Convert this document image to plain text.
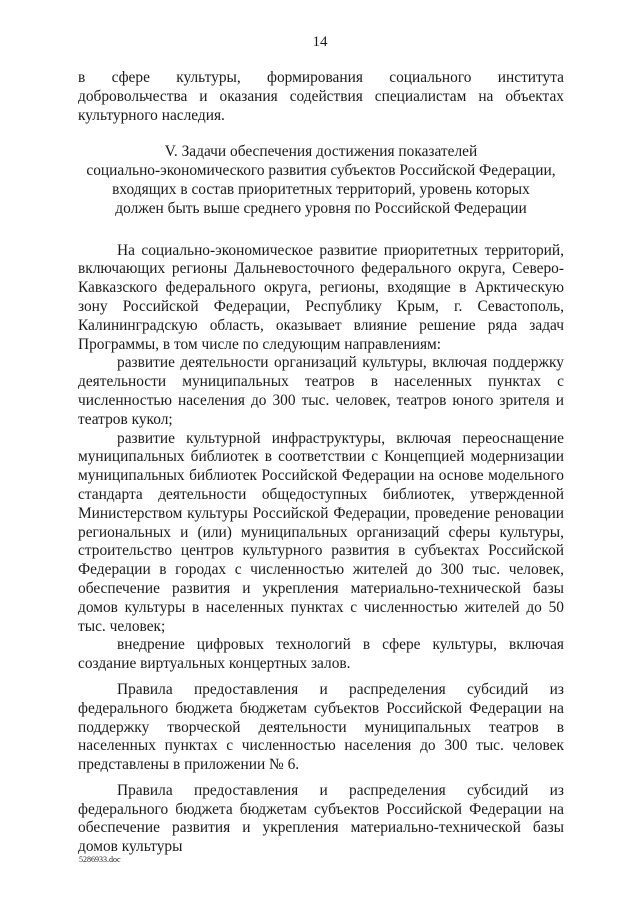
14

в сфере культуры, формирования социального института добровольчества и оказания содействия специалистам на объектах культурного наследия.

V. Задачи обеспечения достижения показателей
социально-экономического развития субъектов Российской Федерации,
входящих в состав приоритетных территорий, уровень которых
должен быть выше среднего уровня по Российской Федерации

На социально-экономическое развитие приоритетных территорий, включающих регионы Дальневосточного федерального округа, Северо-Кавказского федерального округа, регионы, входящие в Арктическую зону Российской Федерации, Республику Крым, г. Севастополь, Калининградскую область, оказывает влияние решение ряда задач Программы, в том числе по следующим направлениям:

развитие деятельности организаций культуры, включая поддержку деятельности муниципальных театров в населенных пунктах с численностью населения до 300 тыс. человек, театров юного зрителя и театров кукол;

развитие культурной инфраструктуры, включая переоснащение муниципальных библиотек в соответствии с Концепцией модернизации муниципальных библиотек Российской Федерации на основе модельного стандарта деятельности общедоступных библиотек, утвержденной Министерством культуры Российской Федерации, проведение реновации региональных и (или) муниципальных организаций сферы культуры, строительство центров культурного развития в субъектах Российской Федерации в городах с численностью жителей до 300 тыс. человек, обеспечение развития и укрепления материально-технической базы домов культуры в населенных пунктах с численностью жителей до 50 тыс. человек;

внедрение цифровых технологий в сфере культуры, включая создание виртуальных концертных залов.

Правила предоставления и распределения субсидий из федерального бюджета бюджетам субъектов Российской Федерации на поддержку творческой деятельности муниципальных театров в населенных пунктах с численностью населения до 300 тыс. человек представлены в приложении № 6.

Правила предоставления и распределения субсидий из федерального бюджета бюджетам субъектов Российской Федерации на обеспечение развития и укрепления материально-технической базы домов культуры

5286933.doc
